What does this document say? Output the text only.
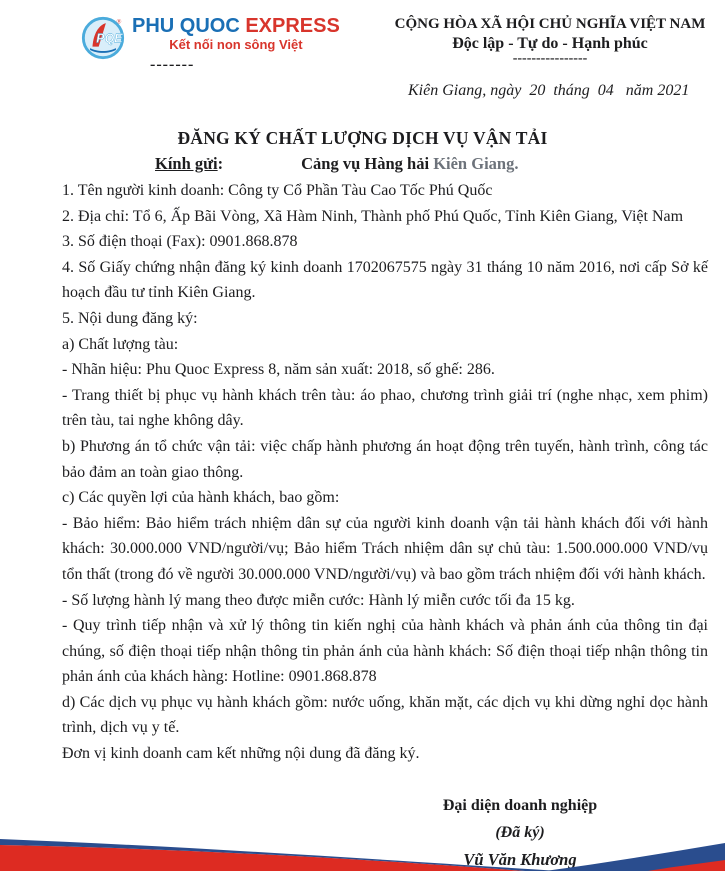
PQE
® PHU QUOC EXPRESS
Kết nối non sông Việt
-------
CỘNG HÒA XÃ HỘI CHỦ NGHĨA VIỆT NAM
Độc lập - Tự do - Hạnh phúc
----------------
Kiên Giang, ngày  20  tháng  04   năm 2021
ĐĂNG KÝ CHẤT LƯỢNG DỊCH VỤ VẬN TẢI
Kính gửi:	Cảng vụ Hàng hải Kiên Giang.

1. Tên người kinh doanh: Công ty Cổ Phần Tàu Cao Tốc Phú Quốc

2. Địa chỉ: Tổ 6, Ấp Bãi Vòng, Xã Hàm Ninh, Thành phố Phú Quốc, Tỉnh Kiên Giang, Việt Nam

3. Số điện thoại (Fax): 0901.868.878

4. Số Giấy chứng nhận đăng ký kinh doanh 1702067575 ngày 31 tháng 10 năm 2016, nơi cấp Sở kế hoạch đầu tư tỉnh Kiên Giang.

5. Nội dung đăng ký:

a) Chất lượng tàu:

- Nhãn hiệu: Phu Quoc Express 8, năm sản xuất: 2018, số ghế: 286.

- Trang thiết bị phục vụ hành khách trên tàu: áo phao, chương trình giải trí (nghe nhạc, xem phim) trên tàu, tai nghe không dây.

b) Phương án tổ chức vận tải: việc chấp hành phương án hoạt động trên tuyến, hành trình, công tác bảo đảm an toàn giao thông.

c) Các quyền lợi của hành khách, bao gồm:

- Bảo hiểm: Bảo hiểm trách nhiệm dân sự của người kinh doanh vận tải hành khách đối với hành khách: 30.000.000 VND/người/vụ; Bảo hiểm Trách nhiệm dân sự chủ tàu: 1.500.000.000 VND/vụ tổn thất (trong đó về người 30.000.000 VND/người/vụ) và bao gồm trách nhiệm đối với hành khách.

- Số lượng hành lý mang theo được miễn cước: Hành lý miễn cước tối đa 15 kg.

- Quy trình tiếp nhận và xử lý thông tin kiến nghị của hành khách và phản ánh của thông tin đại chúng, số điện thoại tiếp nhận thông tin phản ánh của hành khách: Số điện thoại tiếp nhận thông tin phản ánh của khách hàng: Hotline: 0901.868.878

d) Các dịch vụ phục vụ hành khách gồm: nước uống, khăn mặt, các dịch vụ khi dừng nghỉ dọc hành trình, dịch vụ y tế.

Đơn vị kinh doanh cam kết những nội dung đã đăng ký.

Đại diện doanh nghiệp
(Đã ký)
Vũ Văn Khương
